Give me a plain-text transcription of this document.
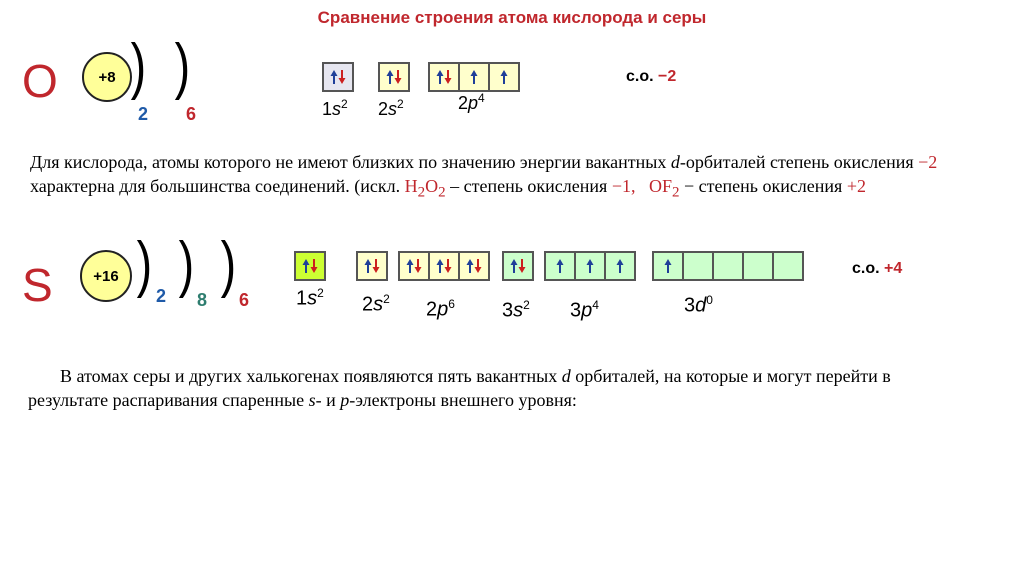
Сравнение строения атома кислорода и серы
O	+8 )
2
)
6	$1s^2$ $2s^2$	$2p^4$
с.о. −2
Для кислорода, атомы которого не имеют близких по значению энергии вакантных d-орбиталей степень окисления −2 характерна для большинства соединений. (искл. $H_2O_2$ – степень окисления −1, $OF_2$ − степень окисления +2
S	+16 ) 2 )
8
)
6 $1s^2$
$2s^2$ $2p^6$ $3s^2$ $3p^4$	$3d^0$
с.о. +4
В атомах серы и других халькогенах появляются пять вакантных d орбиталей, на которые и могут перейти в результате распаривания спаренные s- и p-электроны внешнего уровня:
